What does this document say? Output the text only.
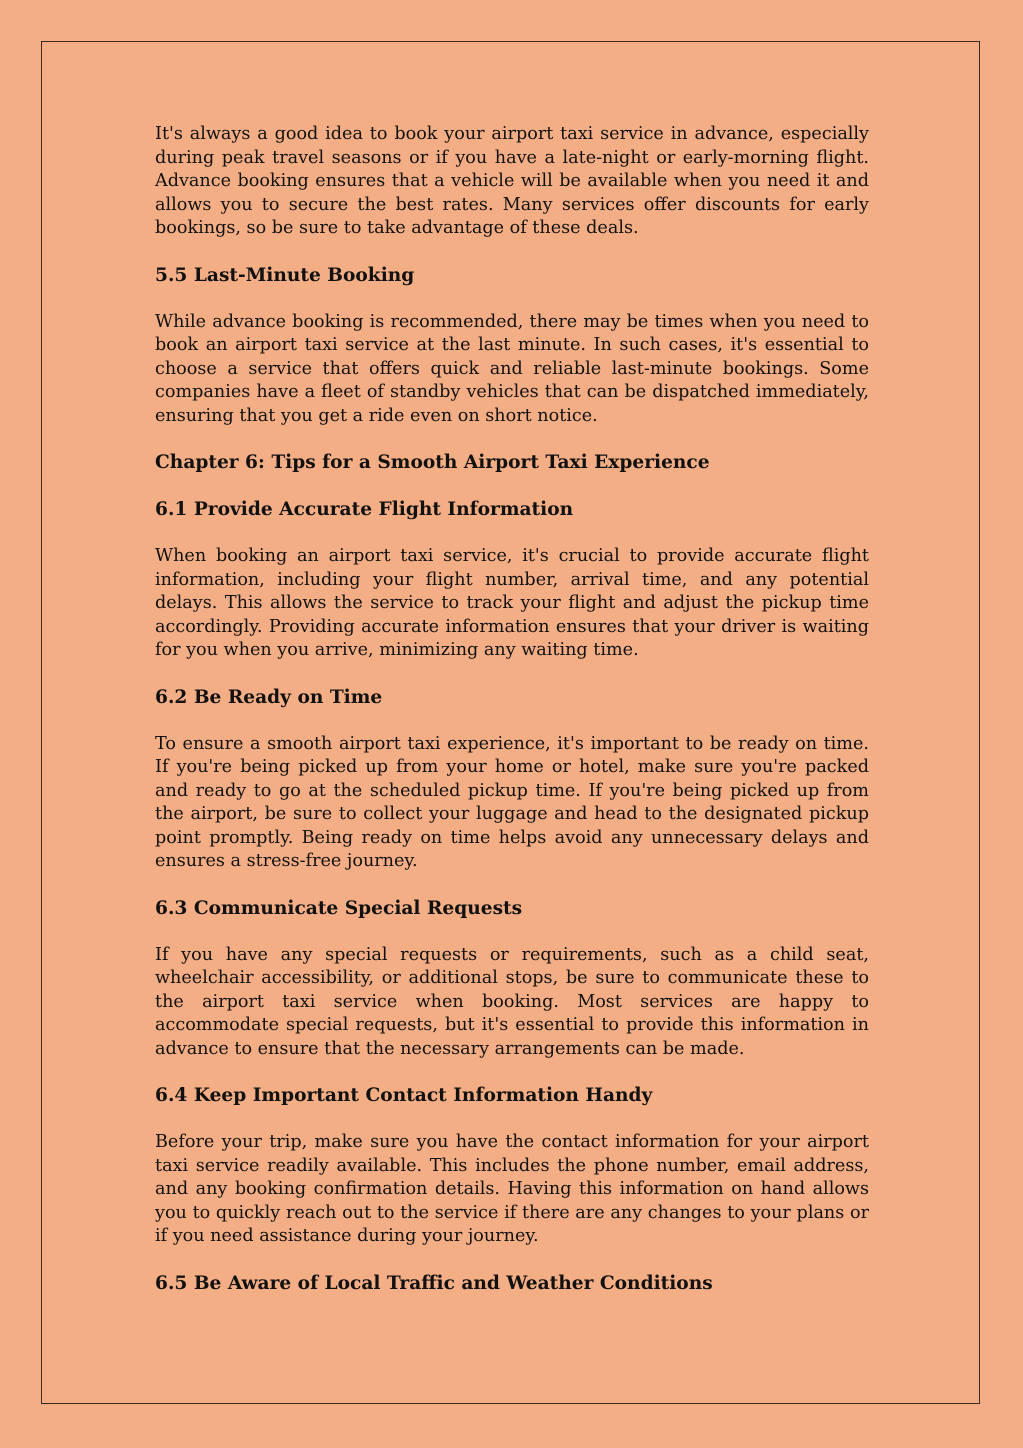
It's always a good idea to book your airport taxi service in advance, especially during peak travel seasons or if you have a late-night or early-morning flight. Advance booking ensures that a vehicle will be available when you need it and allows you to secure the best rates. Many services offer discounts for early bookings, so be sure to take advantage of these deals.

5.5 Last-Minute Booking

While advance booking is recommended, there may be times when you need to book an airport taxi service at the last minute. In such cases, it's essential to choose a service that offers quick and reliable last-minute bookings. Some companies have a fleet of standby vehicles that can be dispatched immediately, ensuring that you get a ride even on short notice.

Chapter 6: Tips for a Smooth Airport Taxi Experience
6.1 Provide Accurate Flight Information

When booking an airport taxi service, it's crucial to provide accurate flight information, including your flight number, arrival time, and any potential delays. This allows the service to track your flight and adjust the pickup time accordingly. Providing accurate information ensures that your driver is waiting for you when you arrive, minimizing any waiting time.

6.2 Be Ready on Time

To ensure a smooth airport taxi experience, it's important to be ready on time. If you're being picked up from your home or hotel, make sure you're packed and ready to go at the scheduled pickup time. If you're being picked up from the airport, be sure to collect your luggage and head to the designated pickup point promptly. Being ready on time helps avoid any unnecessary delays and ensures a stress-free journey.

6.3 Communicate Special Requests

If you have any special requests or requirements, such as a child seat, wheelchair accessibility, or additional stops, be sure to communicate these to the airport taxi service when booking. Most services are happy to accommodate special requests, but it's essential to provide this information in advance to ensure that the necessary arrangements can be made.

6.4 Keep Important Contact Information Handy

Before your trip, make sure you have the contact information for your airport taxi service readily available. This includes the phone number, email address, and any booking confirmation details. Having this information on hand allows you to quickly reach out to the service if there are any changes to your plans or if you need assistance during your journey.

6.5 Be Aware of Local Traffic and Weather Conditions
